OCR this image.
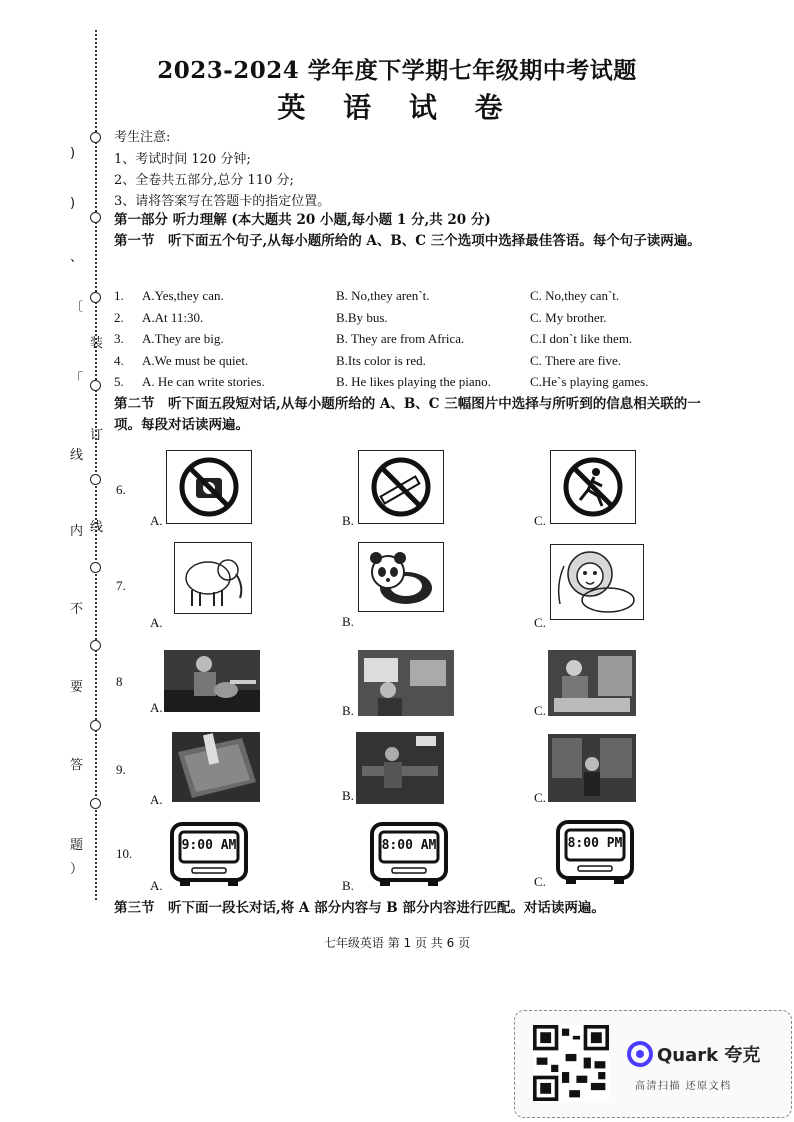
)
)
、
〔
「
线
内
不
要
答
题
）
装
订
线
2023-2024 学年度下学期七年级期中考试题
英 语 试 卷
考生注意:
1、考试时间 120 分钟;
2、全卷共五部分,总分 110 分;
3、请将答案写在答题卡的指定位置。
第一部分 听力理解 (本大题共 20 小题,每小题 1 分,共 20 分)
第一节　听下面五个句子,从每小题所给的 A、B、C 三个选项中选择最佳答语。每个句子读两遍。
1. A.Yes,they can.	B. No,they aren`t.	C. No,they can`t.
2. A.At 11:30.	B.By bus.	C. My brother.
3. A.They are big.	B. They are from Africa.	C.I don`t like them.
4. A.We must be quiet.	B.Its color is red.	C. There are five.
5. A. He can write stories.	B. He likes playing the piano.	C.He`s playing games.
第二节　听下面五段短对话,从每小题所给的 A、B、C 三幅图片中选择与所听到的信息相关联的一项。每段对话读两遍。
6.
A.	B.	C.
7.
A.	B.	C.
8
A.	B.	C.
9.
A.	B.	C.
10.
A.	B.	C.
9:00 AM	8:00 AM	8:00 PM
第三节　听下面一段长对话,将 A 部分内容与 B 部分内容进行匹配。对话读两遍。
七年级英语 第 1 页 共 6 页
Quark 夸克
高清扫描 还原文档
